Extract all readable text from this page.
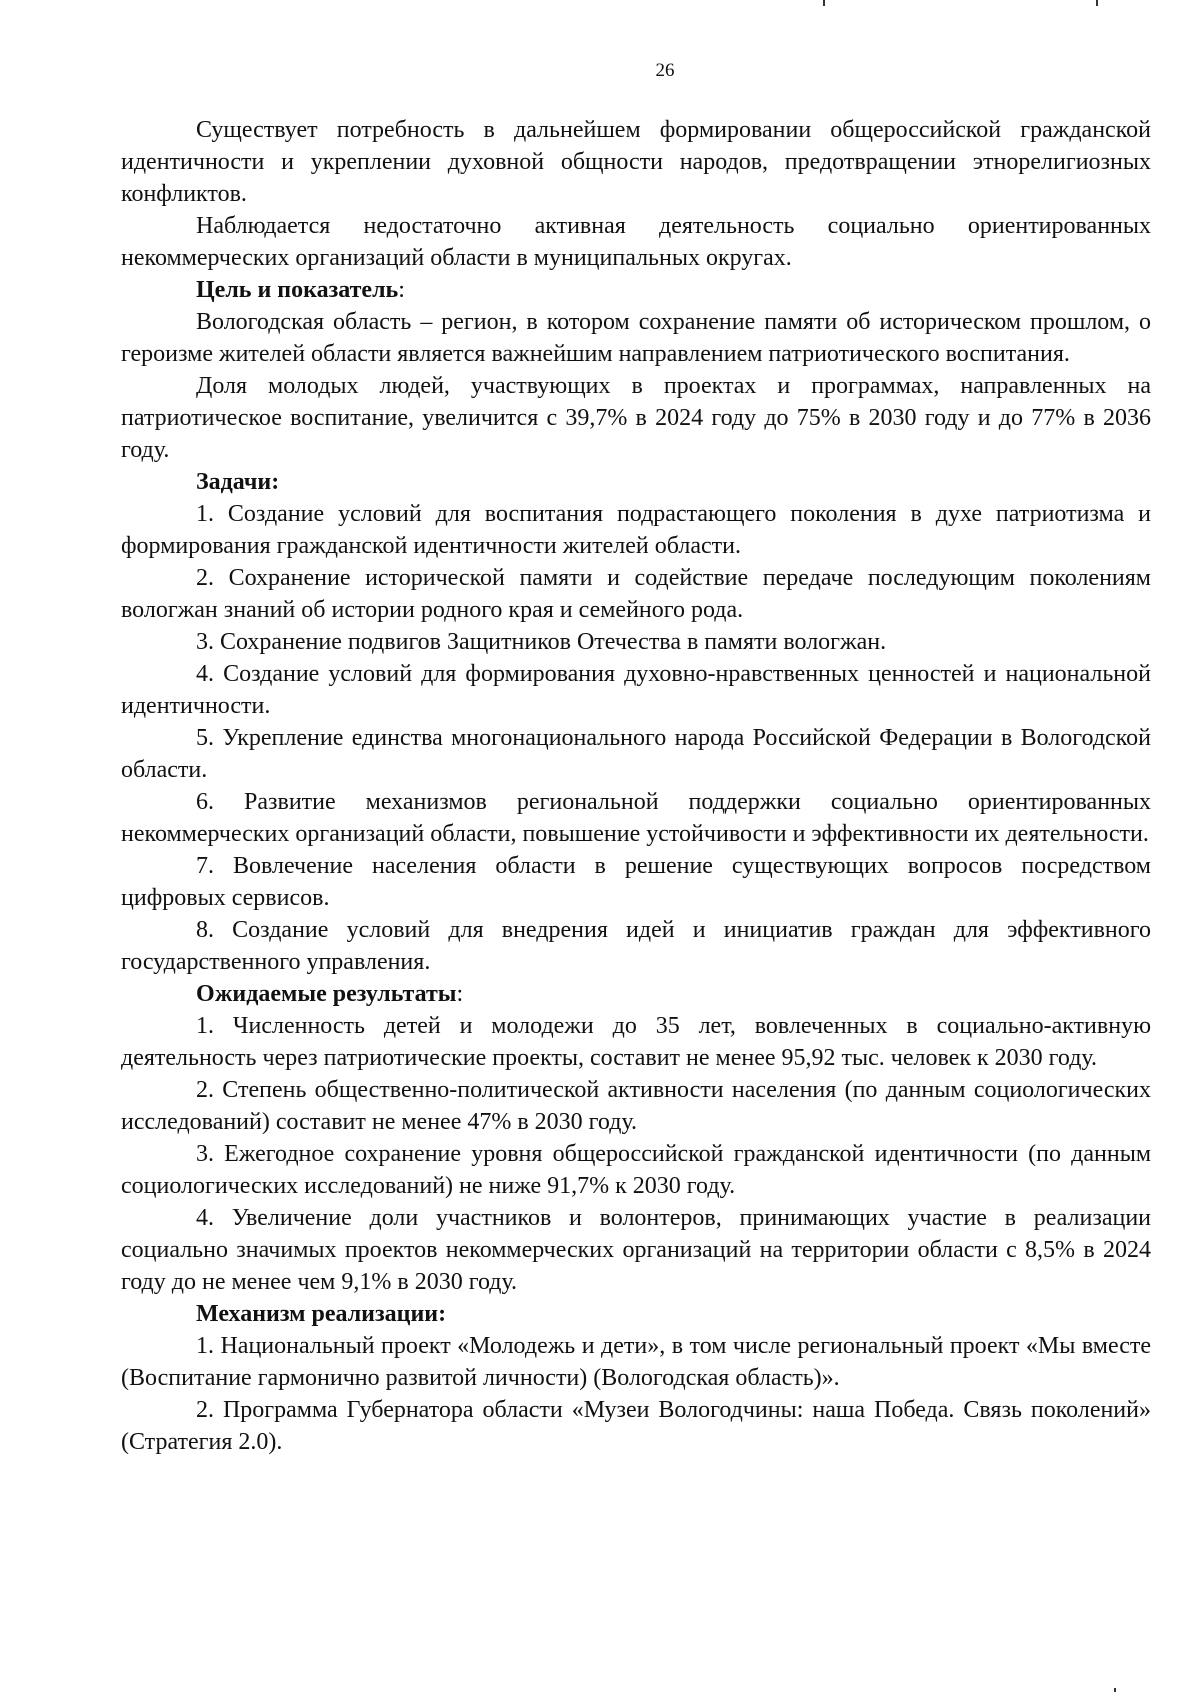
26

Существует потребность в дальнейшем формировании общероссийской гражданской идентичности и укреплении духовной общности народов, предотвращении этнорелигиозных конфликтов.

Наблюдается недостаточно активная деятельность социально ориентированных некоммерческих организаций области в муниципальных округах.

Цель и показатель:

Вологодская область – регион, в котором сохранение памяти об историческом прошлом, о героизме жителей области является важнейшим направлением патриотического воспитания.

Доля молодых людей, участвующих в проектах и программах, направленных на патриотическое воспитание, увеличится с 39,7% в 2024 году до 75% в 2030 году и до 77% в 2036 году.

Задачи:

1. Создание условий для воспитания подрастающего поколения в духе патриотизма и формирования гражданской идентичности жителей области.

2. Сохранение исторической памяти и содействие передаче последующим поколениям вологжан знаний об истории родного края и семейного рода.

3. Сохранение подвигов Защитников Отечества в памяти вологжан.

4. Создание условий для формирования духовно-нравственных ценностей и национальной идентичности.

5. Укрепление единства многонационального народа Российской Федерации в Вологодской области.

6. Развитие механизмов региональной поддержки социально ориентированных некоммерческих организаций области, повышение устойчивости и эффективности их деятельности.

7. Вовлечение населения области в решение существующих вопросов посредством цифровых сервисов.

8. Создание условий для внедрения идей и инициатив граждан для эффективного государственного управления.

Ожидаемые результаты:

1. Численность детей и молодежи до 35 лет, вовлеченных в социально-активную деятельность через патриотические проекты, составит не менее 95,92 тыс. человек к 2030 году.

2. Степень общественно-политической активности населения (по данным социологических исследований) составит не менее 47% в 2030 году.

3. Ежегодное сохранение уровня общероссийской гражданской идентичности (по данным социологических исследований) не ниже 91,7% к 2030 году.

4. Увеличение доли участников и волонтеров, принимающих участие в реализации социально значимых проектов некоммерческих организаций на территории области с 8,5% в 2024 году до не менее чем 9,1% в 2030 году.

Механизм реализации:

1. Национальный проект «Молодежь и дети», в том числе региональный проект «Мы вместе (Воспитание гармонично развитой личности) (Вологодская область)».

2. Программа Губернатора области «Музеи Вологодчины: наша Победа. Связь поколений» (Стратегия 2.0).
